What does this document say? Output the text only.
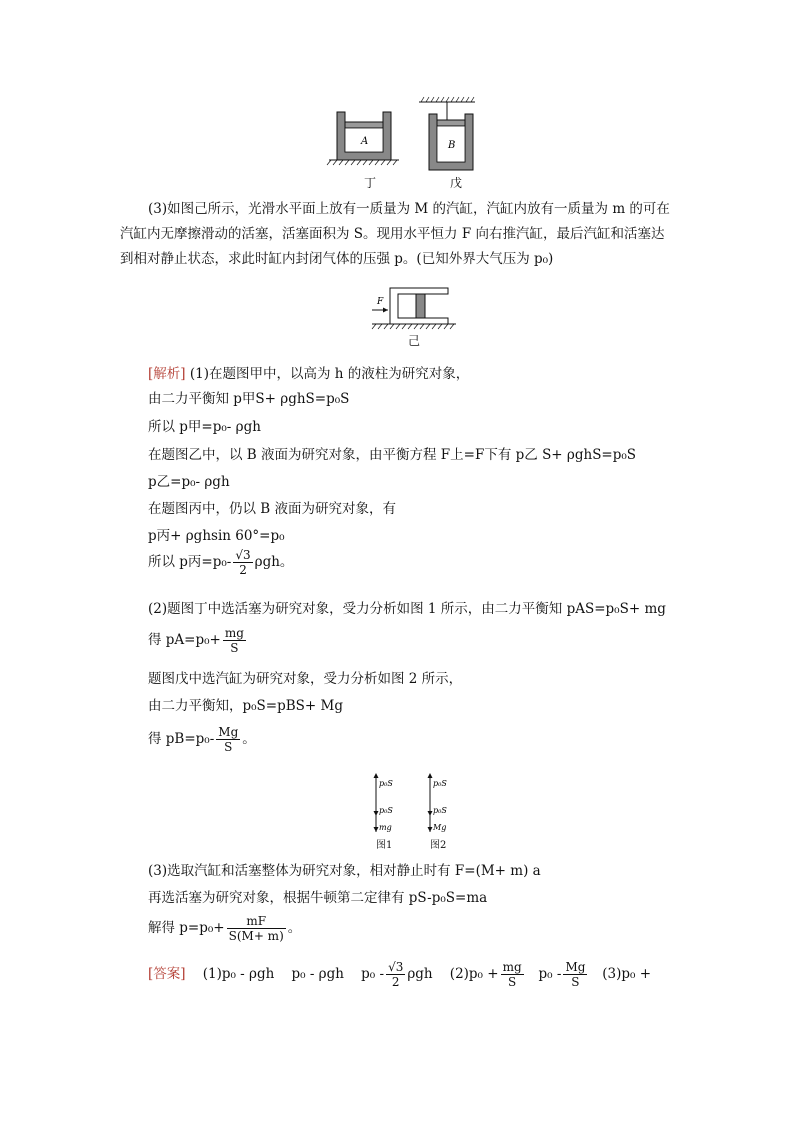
A	B
丁	戊
(3)如图己所示，光滑水平面上放有一质量为 M 的汽缸，汽缸内放有一质量为 m 的可在
汽缸内无摩擦滑动的活塞，活塞面积为 S。现用水平恒力 F 向右推汽缸，最后汽缸和活塞达
到相对静止状态，求此时缸内封闭气体的压强 p。(已知外界大气压为 p₀)
F
己
[解析] (1)在题图甲中，以高为 h 的液柱为研究对象，
由二力平衡知 p甲S+ ρghS=p₀S
所以 p甲=p₀- ρgh
在题图乙中，以 B 液面为研究对象，由平衡方程 F上=F下有 p乙 S+ ρghS=p₀S
p乙=p₀- ρgh
在题图丙中，仍以 B 液面为研究对象，有
p丙+ ρghsin 60°=p₀
所以 p丙$=p_0- \frac{√3}{2}$ ρgh。
(2)题图丁中选活塞为研究对象，受力分析如图 1 所示，由二力平衡知 pAS=p₀S+ mg
得 $pA=p_0+ \frac{mg}{S}$
题图戊中选汽缸为研究对象，受力分析如图 2 所示，
由二力平衡知，p₀S=pBS+ Mg
得 $pB=p_0- \frac{Mg}{S}$ 。
p₀S
p₀S
mg
图1
p₀S
p₀S
Mg
图2
(3)选取汽缸和活塞整体为研究对象，相对静止时有 F=(M+ m) a
再选活塞为研究对象，根据牛顿第二定律有 pS-p₀S=ma
解得 $p=p_0+ \frac{mF}{S(M+ m)}$ 。
[答案] (1)p₀ - ρgh p₀ - ρgh $p_0 - \frac{√3}{2}$ ρgh $(2)p_0 + \frac{mg}{S} p_0 - \frac{Mg}{S} (3)p_0$ +
